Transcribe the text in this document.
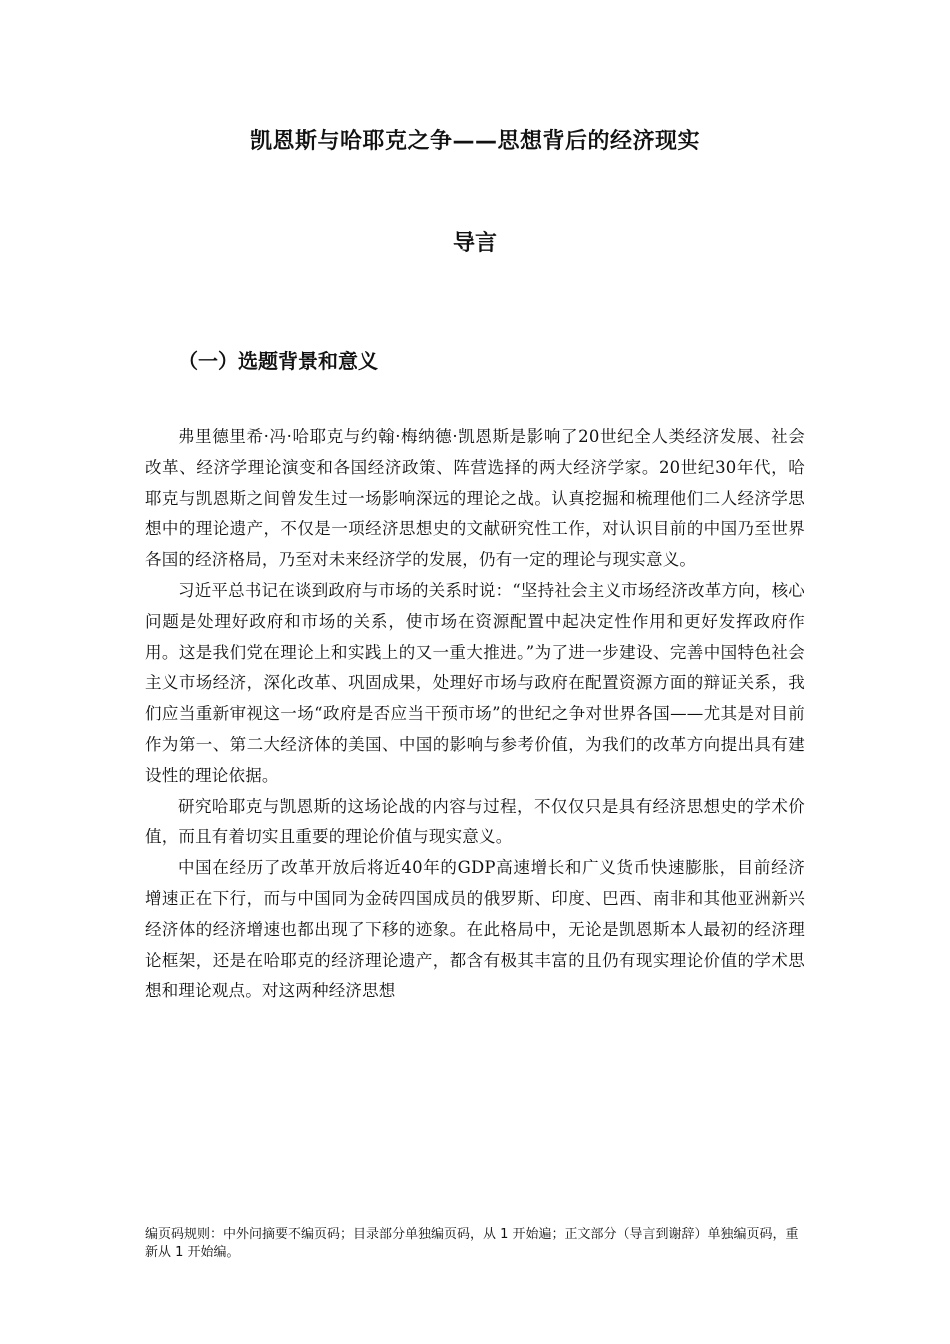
凯恩斯与哈耶克之争——思想背后的经济现实
导言
（一）选题背景和意义

弗里德里希·冯·哈耶克与约翰·梅纳德·凯恩斯是影响了20世纪全人类经济发展、社会改革、经济学理论演变和各国经济政策、阵营选择的两大经济学家。20世纪30年代，哈耶克与凯恩斯之间曾发生过一场影响深远的理论之战。认真挖掘和梳理他们二人经济学思想中的理论遗产，不仅是一项经济思想史的文献研究性工作，对认识目前的中国乃至世界各国的经济格局，乃至对未来经济学的发展，仍有一定的理论与现实意义。

习近平总书记在谈到政府与市场的关系时说：“坚持社会主义市场经济改革方向，核心问题是处理好政府和市场的关系，使市场在资源配置中起决定性作用和更好发挥政府作用。这是我们党在理论上和实践上的又一重大推进。”为了进一步建设、完善中国特色社会主义市场经济，深化改革、巩固成果，处理好市场与政府在配置资源方面的辩证关系，我们应当重新审视这一场“政府是否应当干预市场”的世纪之争对世界各国——尤其是对目前作为第一、第二大经济体的美国、中国的影响与参考价值，为我们的改革方向提出具有建设性的理论依据。

研究哈耶克与凯恩斯的这场论战的内容与过程，不仅仅只是具有经济思想史的学术价值，而且有着切实且重要的理论价值与现实意义。

中国在经历了改革开放后将近40年的GDP高速增长和广义货币快速膨胀，目前经济增速正在下行，而与中国同为金砖四国成员的俄罗斯、印度、巴西、南非和其他亚洲新兴经济体的经济增速也都出现了下移的迹象。在此格局中，无论是凯恩斯本人最初的经济理论框架，还是在哈耶克的经济理论遗产，都含有极其丰富的且仍有现实理论价值的学术思想和理论观点。对这两种经济思想

编页码规则：中外问摘要不编页码；目录部分单独编页码，从 1 开始遍；正文部分（导言到谢辞）单独编页码，重新从 1 开始编。
